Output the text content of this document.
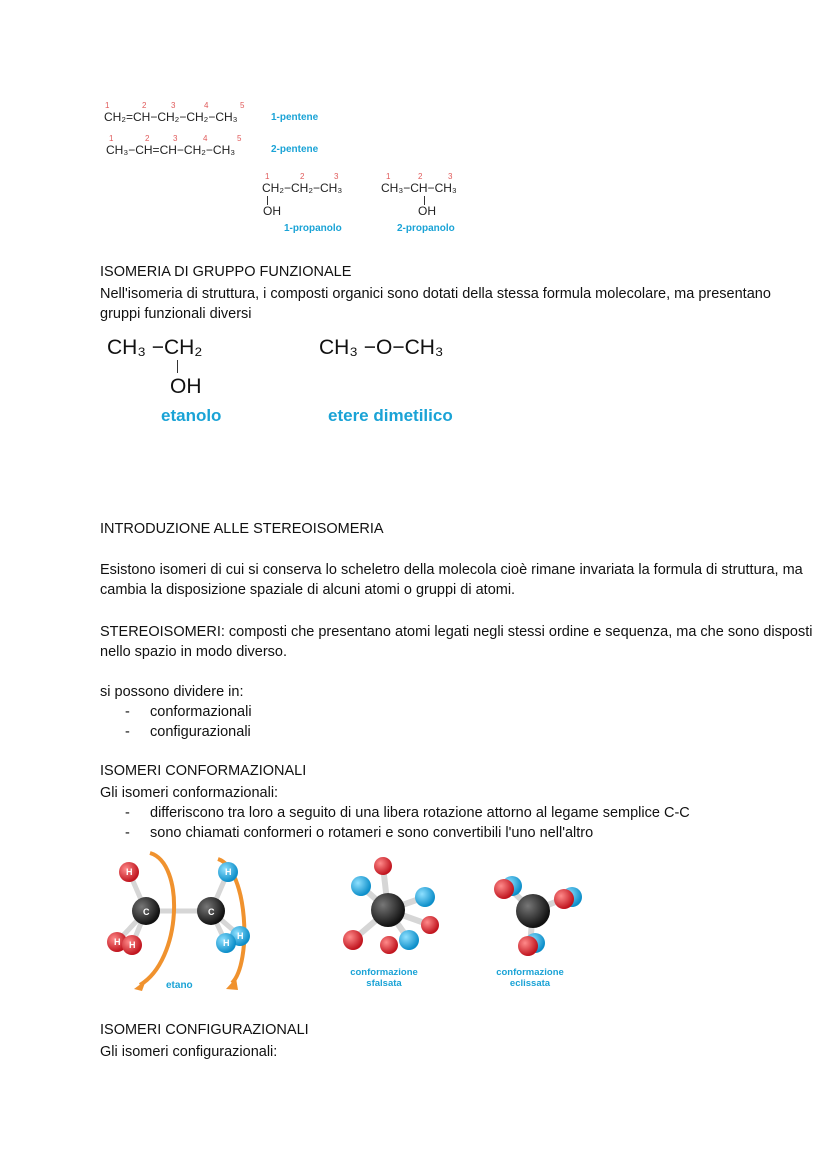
1	2	3	4	5
CH₂=CH−CH₂−CH₂−CH₃	1-pentene
1	2	3	4	5
CH₃−CH=CH−CH₂−CH₃	2-pentene
1	2	3
CH₂−CH₂−CH₃
OH
1-propanolo
1	2	3
CH₃−CH−CH₃
OH
2-propanolo
ISOMERIA DI GRUPPO FUNZIONALE
Nell'isomeria di struttura, i composti organici sono dotati della stessa formula molecolare, ma presentano gruppi funzionali diversi
CH₃ −CH₂
OH
etanolo
CH₃ −O−CH₃
etere dimetilico
INTRODUZIONE ALLE STEREOISOMERIA
Esistono isomeri di cui si conserva lo scheletro della molecola cioè rimane invariata la formula di struttura, ma cambia la disposizione spaziale di alcuni atomi o gruppi di atomi.
STEREOISOMERI: composti che presentano atomi legati negli stessi ordine e sequenza, ma che sono disposti nello spazio in modo diverso.
si possono dividere in:
- conformazionali
- configurazionali
ISOMERI CONFORMAZIONALI
Gli isomeri conformazionali:
- differiscono tra loro a seguito di una libera rotazione attorno al legame semplice C-C
- sono chiamati conformeri o rotameri e sono convertibili l'uno nell'altro
H
H H
C
H
H
H
C
etano
conformazione
sfalsata
conformazione
eclissata
ISOMERI CONFIGURAZIONALI
Gli isomeri configurazionali:
